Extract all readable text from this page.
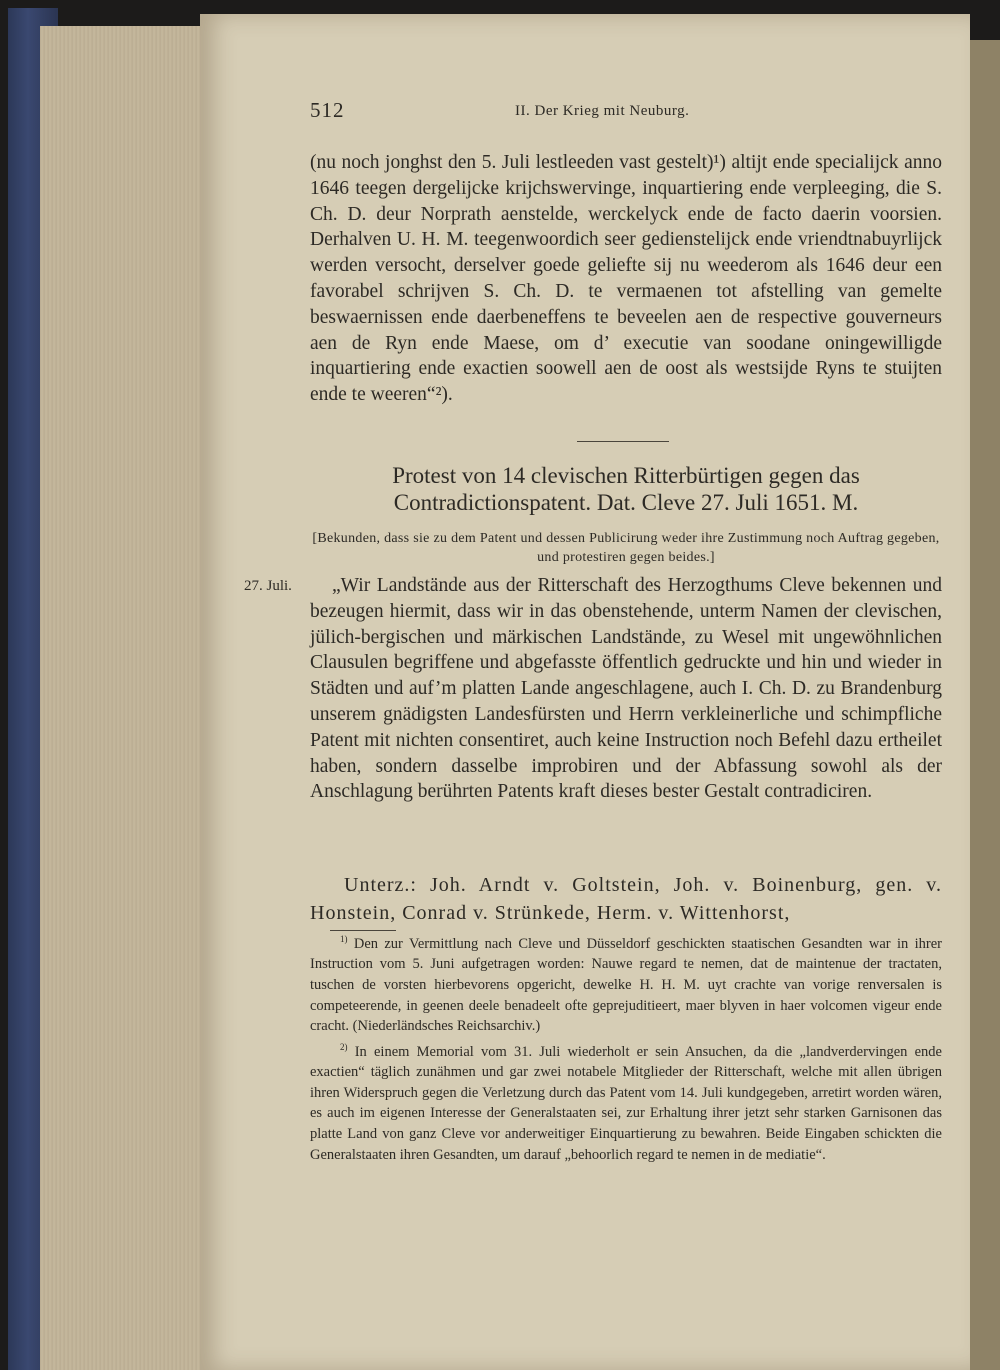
512	II. Der Krieg mit Neuburg.

(nu noch jonghst den 5. Juli lestleeden vast gestelt)¹) altijt ende specialijck anno 1646 teegen dergelijcke krijchswervinge, inquartiering ende verpleeging, die S. Ch. D. deur Norprath aenstelde, werckelyck ende de facto daerin voorsien. Derhalven U. H. M. teegenwoordich seer gedienstelijck ende vriendtnabuyrlijck werden versocht, derselver goede geliefte sij nu weederom als 1646 deur een favorabel schrijven S. Ch. D. te vermaenen tot afstelling van gemelte beswaernissen ende daerbeneffens te beveelen aen de respective gouverneurs aen de Ryn ende Maese, om d’ executie van soodane oningewilligde inquartiering ende exactien soowell aen de oost als westsijde Ryns te stuijten ende te weeren“²).

Protest von 14 clevischen Ritterbürtigen gegen das Contradictionspatent. Dat. Cleve 27. Juli 1651. M.

[Bekunden, dass sie zu dem Patent und dessen Publicirung weder ihre Zustimmung noch Auftrag gegeben, und protestiren gegen beides.]

27. Juli.	„Wir Landstände aus der Ritterschaft des Herzogthums Cleve bekennen und bezeugen hiermit, dass wir in das obenstehende, unterm Namen der clevischen, jülich-bergischen und märkischen Landstände, zu Wesel mit ungewöhnlichen Clausulen begriffene und abgefasste öffentlich gedruckte und hin und wieder in Städten und auf’m platten Lande angeschlagene, auch I. Ch. D. zu Brandenburg unserem gnädigsten Landesfürsten und Herrn verkleinerliche und schimpfliche Patent mit nichten consentiret, auch keine Instruction noch Befehl dazu ertheilet haben, sondern dasselbe improbiren und der Abfassung sowohl als der Anschlagung berührten Patents kraft dieses bester Gestalt contradiciren.

Unterz.: Joh. Arndt v. Goltstein, Joh. v. Boinenburg, gen. v. Honstein, Conrad v. Strünkede, Herm. v. Wittenhorst,

$^{1)}$ Den zur Vermittlung nach Cleve und Düsseldorf geschickten staatischen Gesandten war in ihrer Instruction vom 5. Juni aufgetragen worden: Nauwe regard te nemen, dat de maintenue der tractaten, tuschen de vorsten hierbevorens opgericht, dewelke H. H. M. uyt crachte van vorige renversalen is competeerende, in geenen deele benadeelt ofte geprejuditieert, maer blyven in haer volcomen vigeur ende cracht. (Niederländsches Reichsarchiv.)

$^{2)}$ In einem Memorial vom 31. Juli wiederholt er sein Ansuchen, da die „landverdervingen ende exactien“ täglich zunähmen und gar zwei notabele Mitglieder der Ritterschaft, welche mit allen übrigen ihren Widerspruch gegen die Verletzung durch das Patent vom 14. Juli kundgegeben, arretirt worden wären, es auch im eigenen Interesse der Generalstaaten sei, zur Erhaltung ihrer jetzt sehr starken Garnisonen das platte Land von ganz Cleve vor anderweitiger Einquartierung zu bewahren. Beide Eingaben schickten die Generalstaaten ihren Gesandten, um darauf „behoorlich regard te nemen in de mediatie“.
